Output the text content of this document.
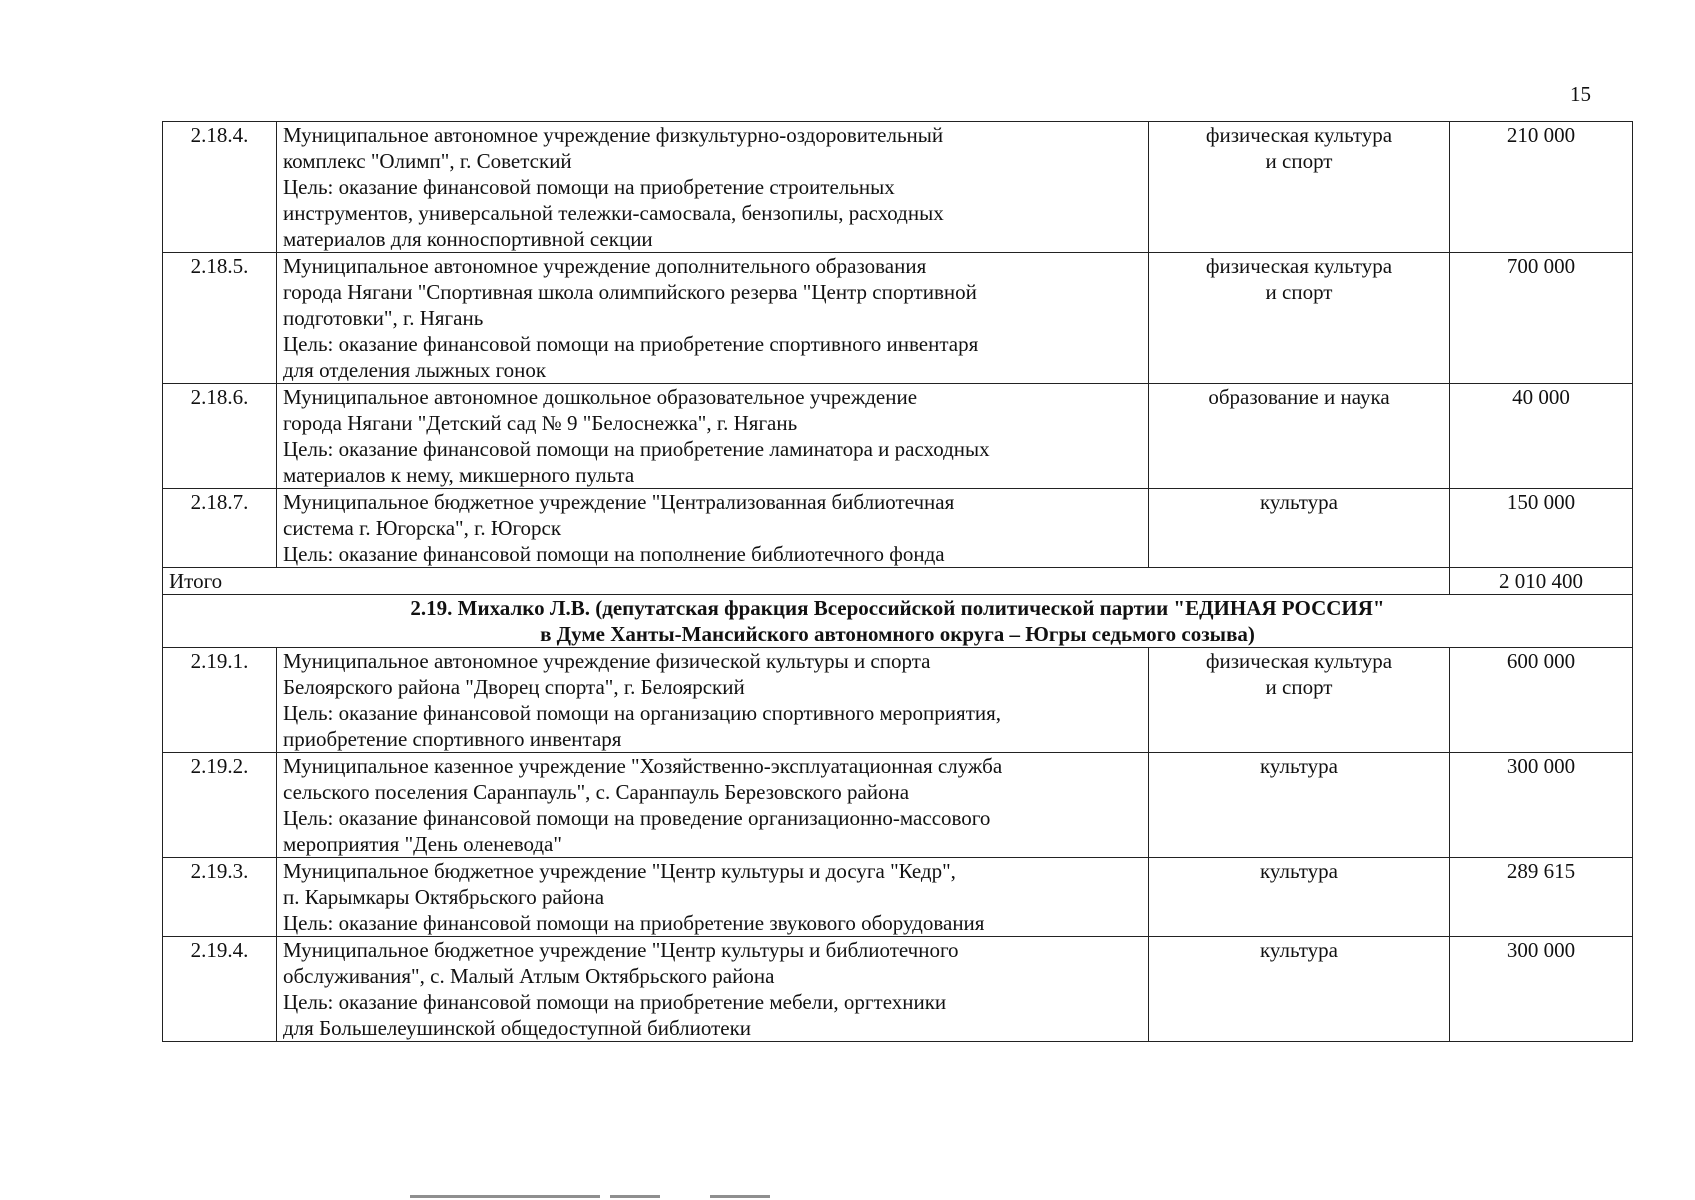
15
2.18.4.	Муниципальное автономное учреждение физкультурно-оздоровительный
комплекс "Олимп", г. Советский
Цель: оказание финансовой помощи на приобретение строительных
инструментов, универсальной тележки-самосвала, бензопилы, расходных
материалов для конноспортивной секции	физическая культура
и спорт	210 000
2.18.5.	Муниципальное автономное учреждение дополнительного образования
города Нягани "Спортивная школа олимпийского резерва "Центр спортивной
подготовки", г. Нягань
Цель: оказание финансовой помощи на приобретение спортивного инвентаря
для отделения лыжных гонок	физическая культура
и спорт	700 000
2.18.6.	Муниципальное автономное дошкольное образовательное учреждение
города Нягани "Детский сад № 9 "Белоснежка", г. Нягань
Цель: оказание финансовой помощи на приобретение ламинатора и расходных
материалов к нему, микшерного пульта	образование и наука	40 000
2.18.7.	Муниципальное бюджетное учреждение "Централизованная библиотечная
система г. Югорска", г. Югорск
Цель: оказание финансовой помощи на пополнение библиотечного фонда	культура	150 000
Итого			2 010 400

2.19. Михалко Л.В. (депутатская фракция Всероссийской политической партии "ЕДИНАЯ РОССИЯ"
в Думе Ханты-Мансийского автономного округа – Югры седьмого созыва)			

2.19.1.	Муниципальное автономное учреждение физической культуры и спорта
Белоярского района "Дворец спорта", г. Белоярский
Цель: оказание финансовой помощи на организацию спортивного мероприятия,
приобретение спортивного инвентаря	физическая культура
и спорт	600 000
2.19.2.	Муниципальное казенное учреждение "Хозяйственно-эксплуатационная служба
сельского поселения Саранпауль", с. Саранпауль Березовского района
Цель: оказание финансовой помощи на проведение организационно-массового
мероприятия "День оленевода"	культура	300 000
2.19.3.	Муниципальное бюджетное учреждение "Центр культуры и досуга "Кедр",
п. Карымкары Октябрьского района
Цель: оказание финансовой помощи на приобретение звукового оборудования	культура	289 615
2.19.4.	Муниципальное бюджетное учреждение "Центр культуры и библиотечного
обслуживания", с. Малый Атлым Октябрьского района
Цель: оказание финансовой помощи на приобретение мебели, оргтехники
для Большелеушинской общедоступной библиотеки	культура	300 000
